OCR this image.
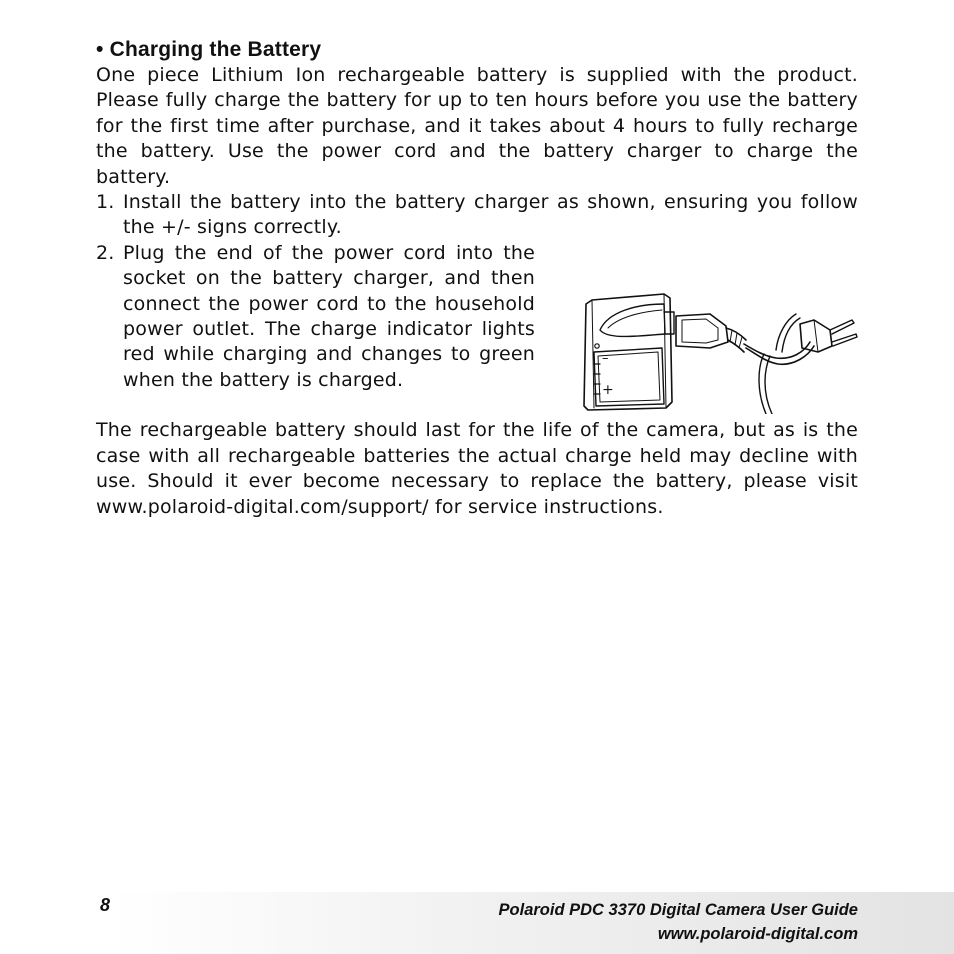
• Charging the Battery

One piece Lithium Ion rechargeable battery is supplied with the product. Please fully charge the battery for up to ten hours before you use the battery for the first time after purchase, and it takes about 4 hours to fully recharge the battery. Use the power cord and the battery charger to charge the battery.

1. Install the battery into the battery charger as shown, ensuring you follow the +/- signs correctly.
2. Plug the end of the power cord into the socket on the battery charger, and then connect the power cord to the household power outlet. The charge indicator lights red while charging and changes to green when the battery is charged.

The rechargeable battery should last for the life of the camera, but as is the case with all rechargeable batteries the actual charge held may decline with use. Should it ever become necessary to replace the battery, please visit www.polaroid-digital.com/support/ for service instructions.

–
+
8	Polaroid PDC 3370 Digital Camera User Guide
www.polaroid-digital.com
